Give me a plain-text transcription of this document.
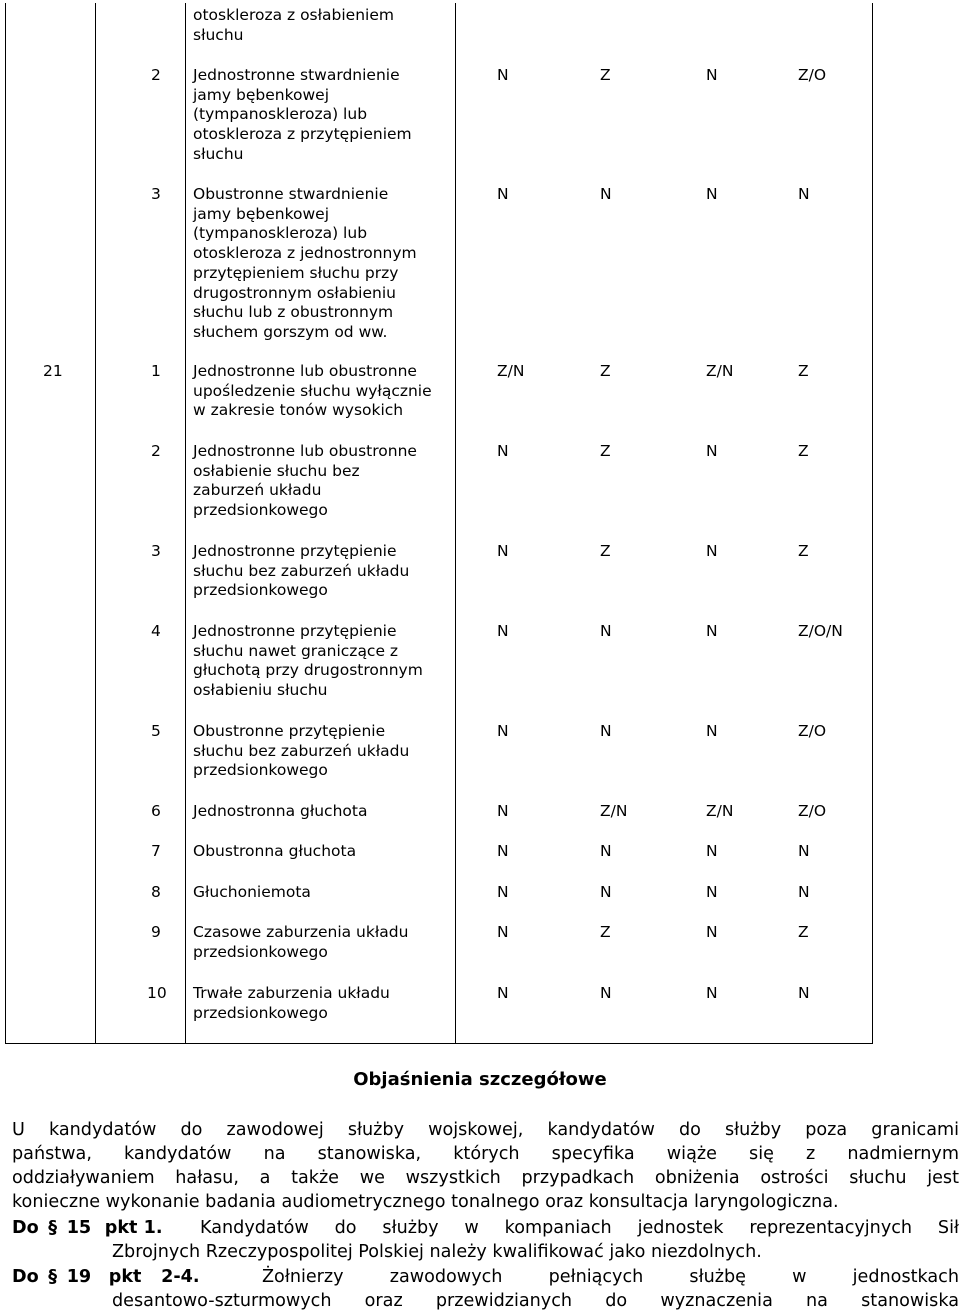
otoskleroza z osłabieniem
słuchu
2	Jednostronne stwardnienie
jamy bębenkowej
(tympanoskleroza) lub
otoskleroza z przytępieniem
słuchu
N	Z	N	Z/O
3	Obustronne stwardnienie
jamy bębenkowej
(tympanoskleroza) lub
otoskleroza z jednostronnym
przytępieniem słuchu przy
drugostronnym osłabieniu
słuchu lub z obustronnym
słuchem gorszym od ww.
N	N	N	N
21	1	Jednostronne lub obustronne
upośledzenie słuchu wyłącznie
w zakresie tonów wysokich
Z/N	Z	Z/N	Z
2	Jednostronne lub obustronne
osłabienie słuchu bez
zaburzeń układu
przedsionkowego
N	Z	N	Z
3	Jednostronne przytępienie
słuchu bez zaburzeń układu
przedsionkowego
N	Z	N	Z
4	Jednostronne przytępienie
słuchu nawet graniczące z
głuchotą przy drugostronnym
osłabieniu słuchu
N	N	N	Z/O/N
5	Obustronne przytępienie
słuchu bez zaburzeń układu
przedsionkowego
N	N	N	Z/O
6	Jednostronna głuchota	N	Z/N	Z/N	Z/O
7	Obustronna głuchota	N	N	N	N
8	Głuchoniemota	N	N	N	N
9	Czasowe zaburzenia układu
przedsionkowego
N	Z	N	Z
10	Trwałe zaburzenia układu
przedsionkowego
N	N	N	N
Objaśnienia szczegółowe
U kandydatów do zawodowej służby wojskowej, kandydatów do służby poza granicami
państwa, kandydatów na stanowiska, których specyfika wiąże się z nadmiernym
oddziaływaniem hałasu, a także we wszystkich przypadkach obniżenia ostrości słuchu jest
konieczne wykonanie badania audiometrycznego tonalnego oraz konsultacja laryngologiczna.
Do § 15 pkt 1.	Kandydatów do służby w kompaniach jednostek reprezentacyjnych Sił
Zbrojnych Rzeczypospolitej Polskiej należy kwalifikować jako niezdolnych.
Do § 19 pkt 2-4.	Żołnierzy zawodowych pełniących służbę w jednostkach
desantowo-szturmowych oraz przewidzianych do wyznaczenia na stanowiska
